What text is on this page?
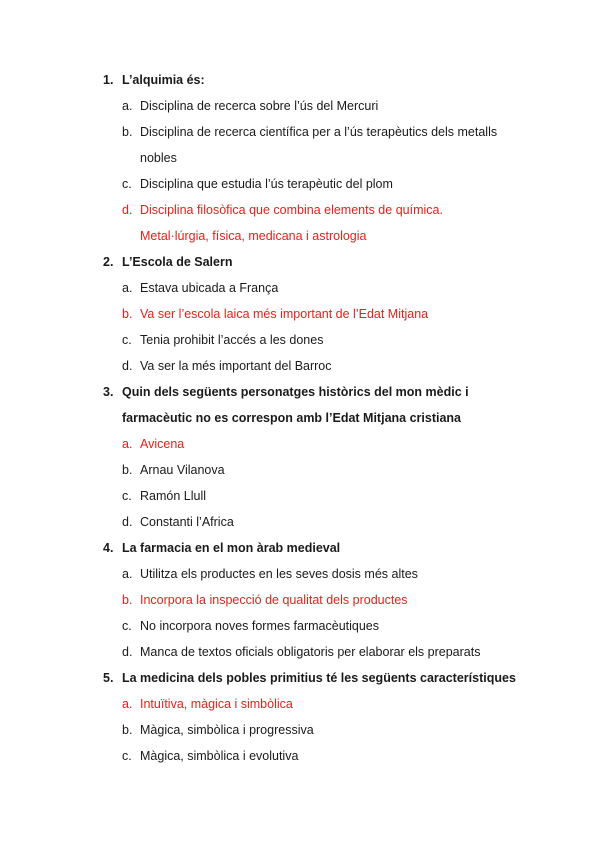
1. L’alquimia és:
a. Disciplina de recerca sobre l’ús del Mercuri
b. Disciplina de recerca científica per a l’ús terapèutics dels metalls nobles
c. Disciplina que estudia l’ús terapèutic del plom
d. Disciplina filosòfica que combina elements de química. Metal·lúrgia, física, medicana i astrologia
2. L’Escola de Salern
a. Estava ubicada a França
b. Va ser l’escola laica més important de l’Edat Mitjana
c. Tenia prohibit l’accés a les dones
d. Va ser la més important del Barroc
3. Quin dels següents personatges històrics del mon mèdic i farmacèutic no es correspon amb l’Edat Mitjana cristiana
a. Avicena
b. Arnau Vilanova
c. Ramón Llull
d. Constanti l’Africa
4. La farmacia en el mon àrab medieval
a. Utilitza els productes en les seves dosis més altes
b. Incorpora la inspecció de qualitat dels productes
c. No incorpora noves formes farmacèutiques
d. Manca de textos oficials obligatoris per elaborar els preparats
5. La medicina dels pobles primitius té les següents característiques
a. Intuïtiva, màgica i simbòlica
b. Màgica, simbòlica i progressiva
c. Màgica, simbòlica i evolutiva
